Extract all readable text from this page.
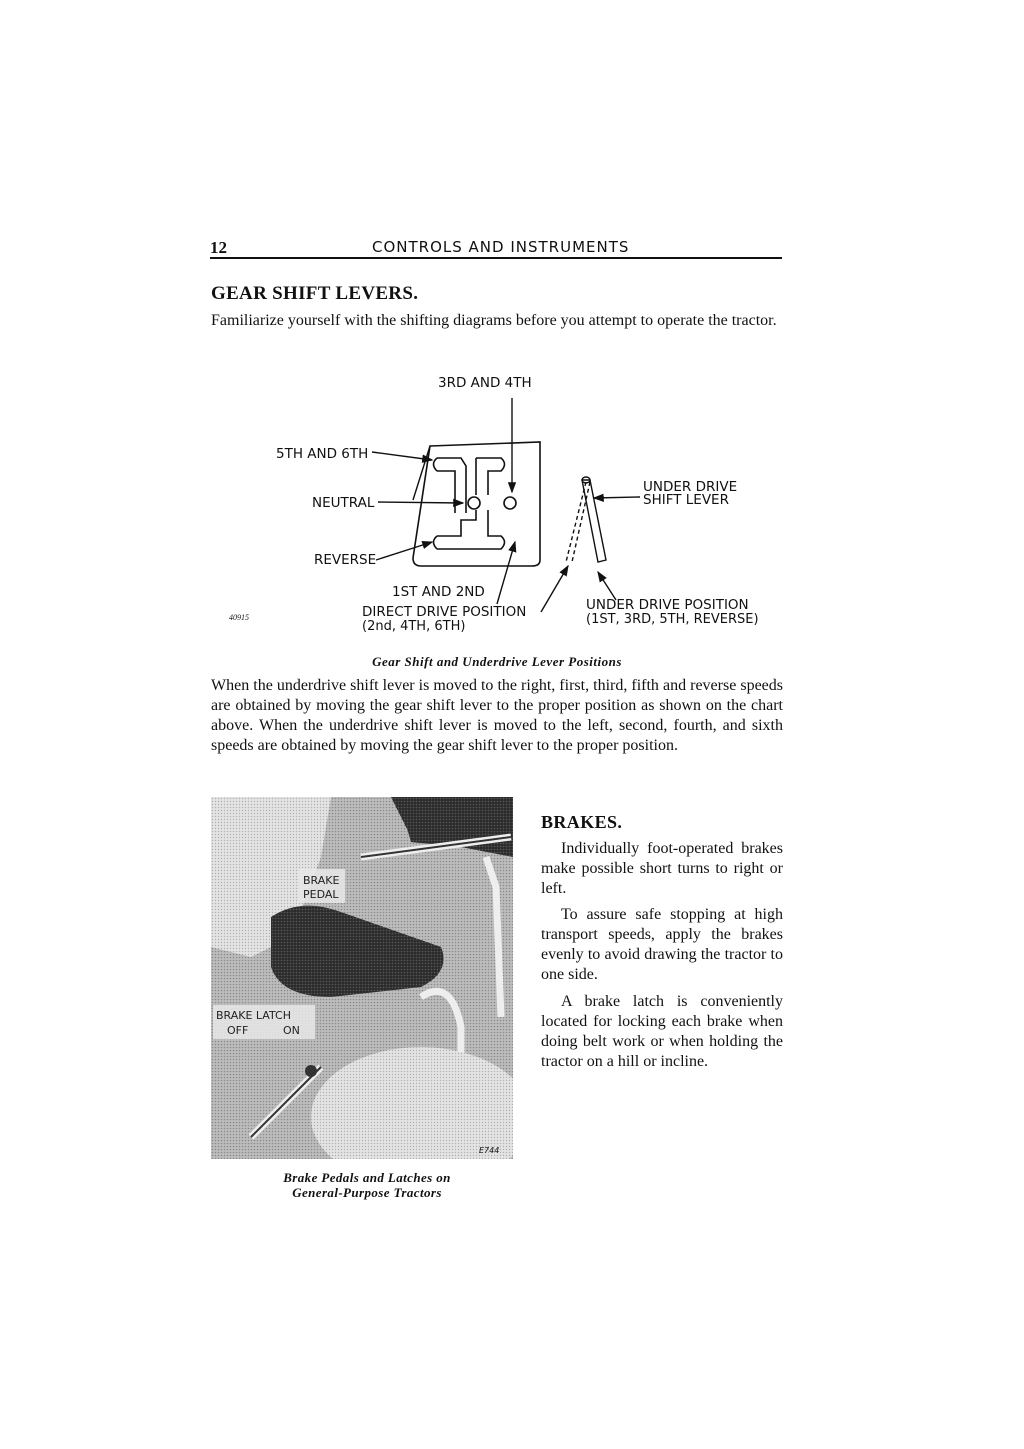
12	CONTROLS AND INSTRUMENTS
GEAR SHIFT LEVERS.
Familiarize yourself with the shifting diagrams before you attempt to operate the tractor.
3RD AND 4TH
5TH AND 6TH
NEUTRAL
REVERSE
1ST AND 2ND
DIRECT DRIVE POSITION
(2nd, 4TH, 6TH)
UNDER DRIVE
SHIFT LEVER
UNDER DRIVE POSITION
(1ST, 3RD, 5TH, REVERSE)
40915
Gear Shift and Underdrive Lever Positions
When the underdrive shift lever is moved to the right, first, third, fifth and reverse speeds are obtained by moving the gear shift lever to the proper position as shown on the chart above. When the underdrive shift lever is moved to the left, second, fourth, and sixth speeds are obtained by moving the gear shift lever to the proper position.
BRAKE
PEDAL
BRAKE LATCH
OFF	ON
E744
Brake Pedals and Latches on
General-Purpose Tractors
BRAKES.

Individually foot-operated brakes make possible short turns to right or left.

To assure safe stopping at high transport speeds, apply the brakes evenly to avoid drawing the tractor to one side.

A brake latch is conveniently located for locking each brake when doing belt work or when holding the tractor on a hill or incline.
